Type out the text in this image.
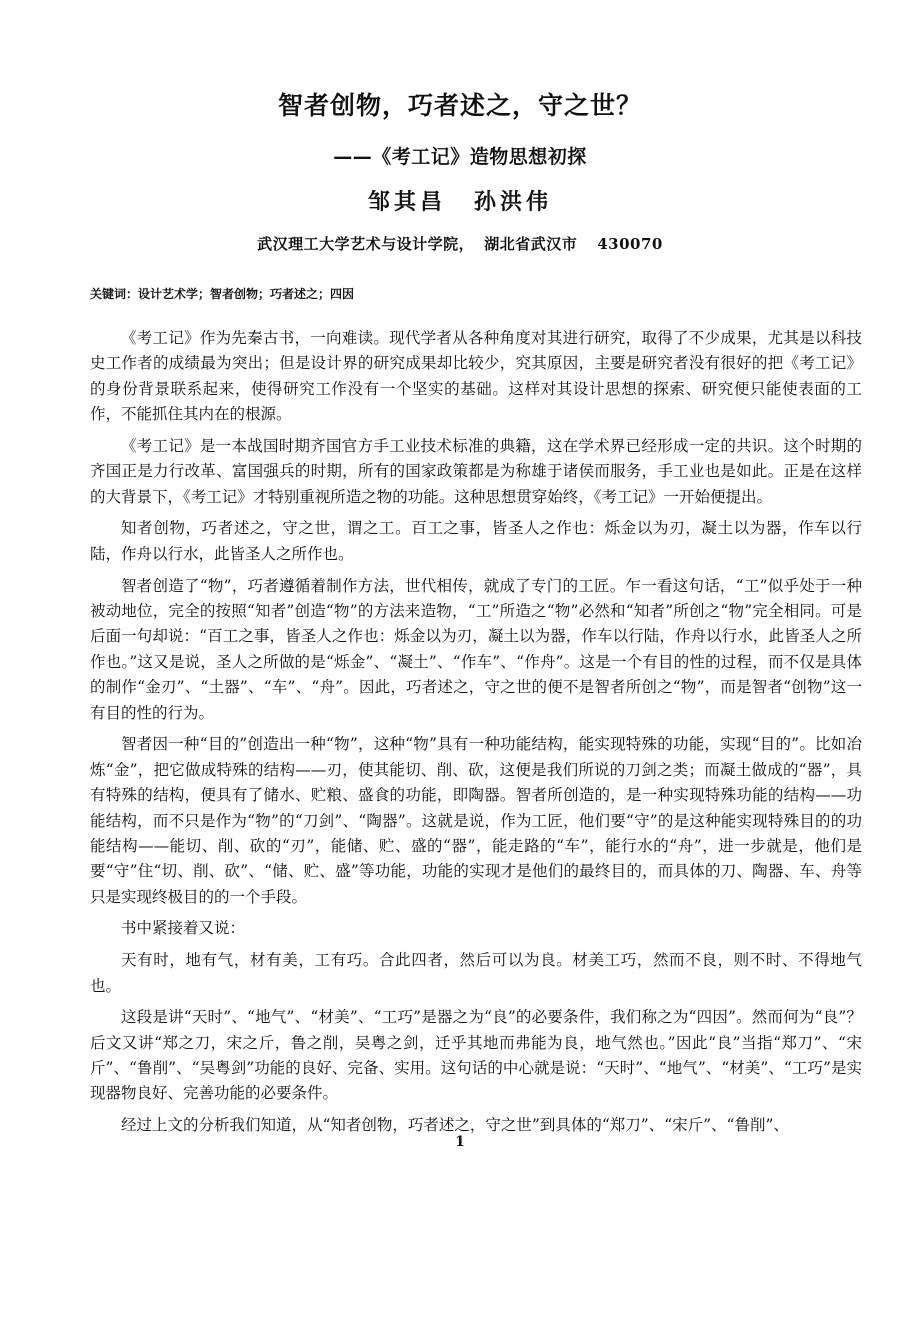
智者创物，巧者述之，守之世？
——《考工记》造物思想初探
邹其昌 孙洪伟
武汉理工大学艺术与设计学院， 湖北省武汉市 430070
关键词：设计艺术学；智者创物；巧者述之；四因

《考工记》作为先秦古书，一向难读。现代学者从各种角度对其进行研究，取得了不少成果，尤其是以科技史工作者的成绩最为突出；但是设计界的研究成果却比较少，究其原因，主要是研究者没有很好的把《考工记》的身份背景联系起来，使得研究工作没有一个坚实的基础。这样对其设计思想的探索、研究便只能使表面的工作，不能抓住其内在的根源。

《考工记》是一本战国时期齐国官方手工业技术标准的典籍，这在学术界已经形成一定的共识。这个时期的齐国正是力行改革、富国强兵的时期，所有的国家政策都是为称雄于诸侯而服务，手工业也是如此。正是在这样的大背景下，《考工记》才特别重视所造之物的功能。这种思想贯穿始终，《考工记》一开始便提出。

知者创物，巧者述之，守之世，谓之工。百工之事，皆圣人之作也：烁金以为刃，凝土以为器，作车以行陆，作舟以行水，此皆圣人之所作也。

智者创造了“物”，巧者遵循着制作方法，世代相传，就成了专门的工匠。乍一看这句话，“工”似乎处于一种被动地位，完全的按照“知者”创造“物”的方法来造物，“工”所造之“物”必然和“知者”所创之“物”完全相同。可是后面一句却说：“百工之事，皆圣人之作也：烁金以为刃，凝土以为器，作车以行陆，作舟以行水，此皆圣人之所作也。”这又是说，圣人之所做的是“烁金”、“凝土”、“作车”、“作舟”。这是一个有目的性的过程，而不仅是具体的制作“金刃”、“土器”、“车”、“舟”。因此，巧者述之，守之世的便不是智者所创之“物”，而是智者“创物”这一有目的性的行为。

智者因一种“目的”创造出一种“物”，这种“物”具有一种功能结构，能实现特殊的功能，实现“目的”。比如冶炼“金”，把它做成特殊的结构——刃，使其能切、削、砍，这便是我们所说的刀剑之类；而凝土做成的“器”，具有特殊的结构，便具有了储水、贮粮、盛食的功能，即陶器。智者所创造的，是一种实现特殊功能的结构——功能结构，而不只是作为“物”的“刀剑”、“陶器”。这就是说，作为工匠，他们要“守”的是这种能实现特殊目的的功能结构——能切、削、砍的“刃”，能储、贮、盛的“器”，能走路的“车”，能行水的“舟”，进一步就是，他们是要“守”住“切、削、砍”、“储、贮、盛”等功能，功能的实现才是他们的最终目的，而具体的刀、陶器、车、舟等只是实现终极目的的一个手段。

书中紧接着又说：

天有时，地有气，材有美，工有巧。合此四者，然后可以为良。材美工巧，然而不良，则不时、不得地气也。

这段是讲“天时”、“地气”、“材美”、“工巧”是器之为“良”的必要条件，我们称之为“四因”。然而何为“良”？后文又讲“郑之刀，宋之斤，鲁之削，吴粤之剑，迁乎其地而弗能为良，地气然也。”因此“良”当指“郑刀”、“宋斤”、“鲁削”、“吴粤剑”功能的良好、完备、实用。这句话的中心就是说：“天时”、“地气”、“材美”、“工巧”是实现器物良好、完善功能的必要条件。

经过上文的分析我们知道，从“知者创物，巧者述之，守之世”到具体的“郑刀”、“宋斤”、“鲁削”、

1
